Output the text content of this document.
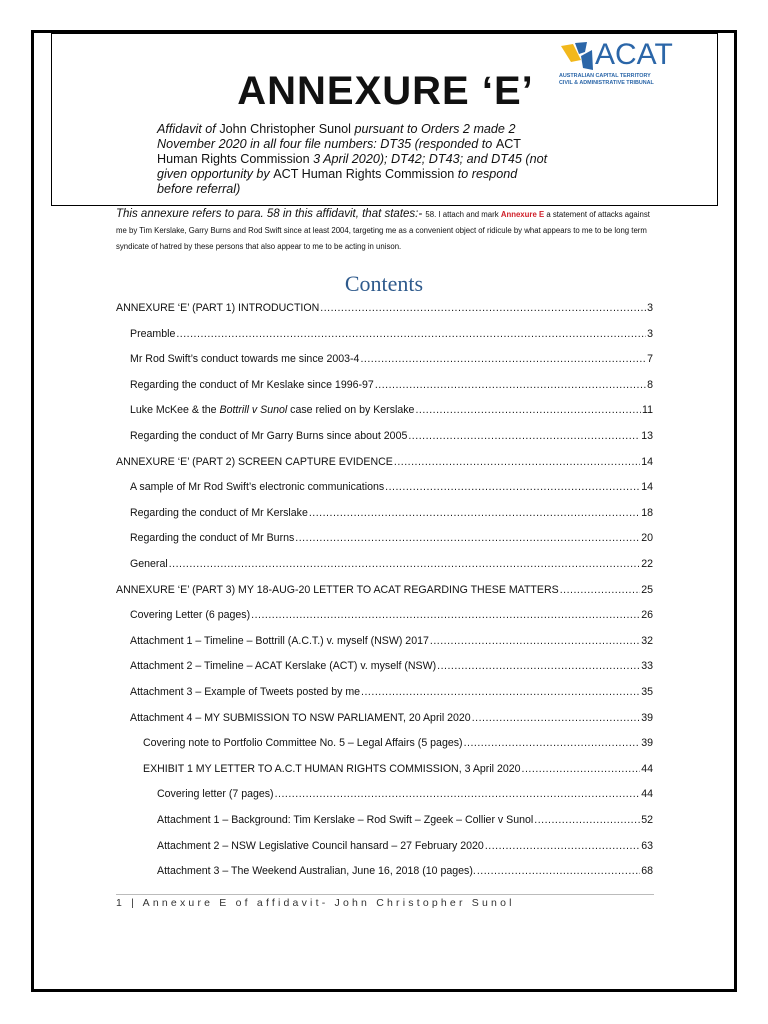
ANNEXURE ‘E’
Affidavit of John Christopher Sunol pursuant to Orders 2 made 2 November 2020 in all four file numbers: DT35 (responded to ACT Human Rights Commission 3 April 2020); DT42; DT43; and DT45 (not given opportunity by ACT Human Rights Commission to respond before referral)
ACAT
AUSTRALIAN CAPITAL TERRITORY
CIVIL & ADMINISTRATIVE TRIBUNAL
This annexure refers to para. 58 in this affidavit, that states:- 58. I attach and mark Annexure E a statement of attacks against me by Tim Kerslake, Garry Burns and Rod Swift since at least 2004, targeting me as a convenient object of ridicule by what appears to me to be long term syndicate of hatred by these persons that also appear to me to be acting in unison.
Contents
ANNEXURE ‘E’ (PART 1) INTRODUCTION .....	3
Preamble .....	3
Mr Rod Swift’s conduct towards me since 2003-4 .....	7
Regarding the conduct of Mr Keslake since 1996-97 .....	8
Luke McKee & the Bottrill v Sunol case relied on by Kerslake .....	11
Regarding the conduct of Mr Garry Burns since about 2005 .....	13
ANNEXURE ‘E’ (PART 2) SCREEN CAPTURE EVIDENCE .....	14
A sample of Mr Rod Swift’s electronic communications .....	14
Regarding the conduct of Mr Kerslake .....	18
Regarding the conduct of Mr Burns .....	20
General .....	22
ANNEXURE ‘E’ (PART 3) MY 18-AUG-20 LETTER TO ACAT REGARDING THESE MATTERS .....	25
Covering Letter (6 pages) .....	26
Attachment 1 – Timeline – Bottrill (A.C.T.) v. myself (NSW) 2017 .....	32
Attachment 2 – Timeline – ACAT Kerslake (ACT) v. myself (NSW) .....	33
Attachment 3 – Example of Tweets posted by me .....	35
Attachment 4 – MY SUBMISSION TO NSW PARLIAMENT, 20 April 2020 .....	39
Covering note to Portfolio Committee No. 5 – Legal Affairs (5 pages) .....	39
EXHIBIT 1 MY LETTER TO A.C.T HUMAN RIGHTS COMMISSION, 3 April 2020 .....	44
Covering letter (7 pages) .....	44
Attachment 1 – Background: Tim Kerslake – Rod Swift – Zgeek – Collier v Sunol .....	52
Attachment 2 – NSW Legislative Council hansard – 27 February 2020 .....	63
Attachment 3 – The Weekend Australian, June 16, 2018 (10 pages). .....	68
1 | Annexure E of affidavit- John Christopher Sunol
